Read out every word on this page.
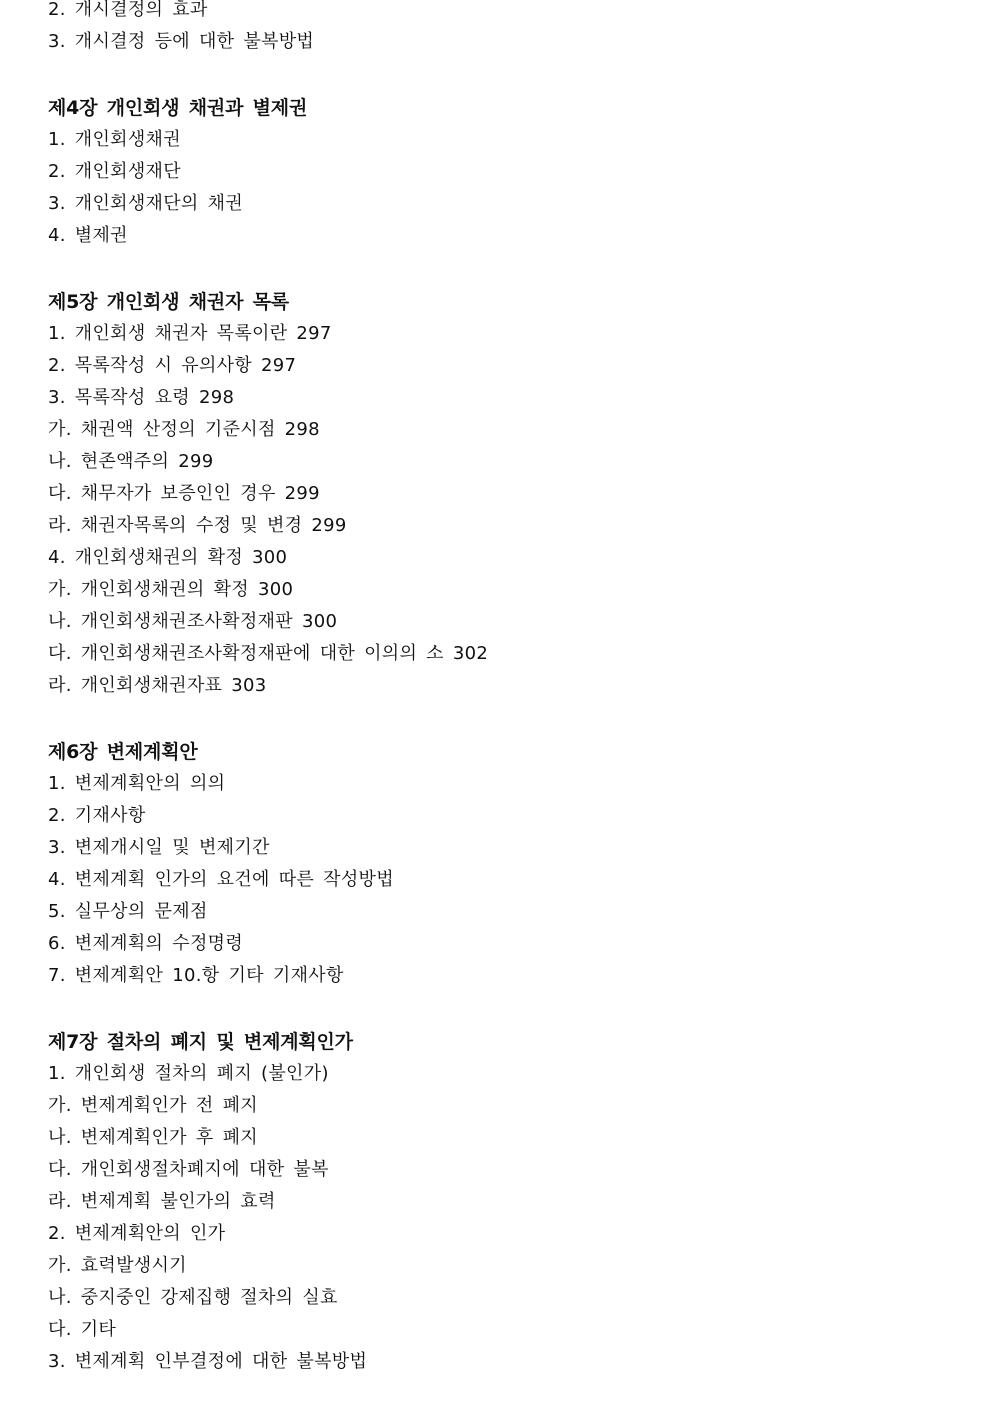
2. 개시결정의 효과
3. 개시결정 등에 대한 불복방법
제4장 개인회생 채권과 별제권
1. 개인회생채권
2. 개인회생재단
3. 개인회생재단의 채권
4. 별제권
제5장 개인회생 채권자 목록
1. 개인회생 채권자 목록이란 297
2. 목록작성 시 유의사항 297
3. 목록작성 요령 298
가. 채권액 산정의 기준시점 298
나. 현존액주의 299
다. 채무자가 보증인인 경우 299
라. 채권자목록의 수정 및 변경 299
4. 개인회생채권의 확정 300
가. 개인회생채권의 확정 300
나. 개인회생채권조사확정재판 300
다. 개인회생채권조사확정재판에 대한 이의의 소 302
라. 개인회생채권자표 303
제6장 변제계획안
1. 변제계획안의 의의
2. 기재사항
3. 변제개시일 및 변제기간
4. 변제계획 인가의 요건에 따른 작성방법
5. 실무상의 문제점
6. 변제계획의 수정명령
7. 변제계획안 10.항 기타 기재사항
제7장 절차의 폐지 및 변제계획인가
1. 개인회생 절차의 폐지 (불인가)
가. 변제계획인가 전 폐지
나. 변제계획인가 후 폐지
다. 개인회생절차폐지에 대한 불복
라. 변제계획 불인가의 효력
2. 변제계획안의 인가
가. 효력발생시기
나. 중지중인 강제집행 절차의 실효
다. 기타
3. 변제계획 인부결정에 대한 불복방법
